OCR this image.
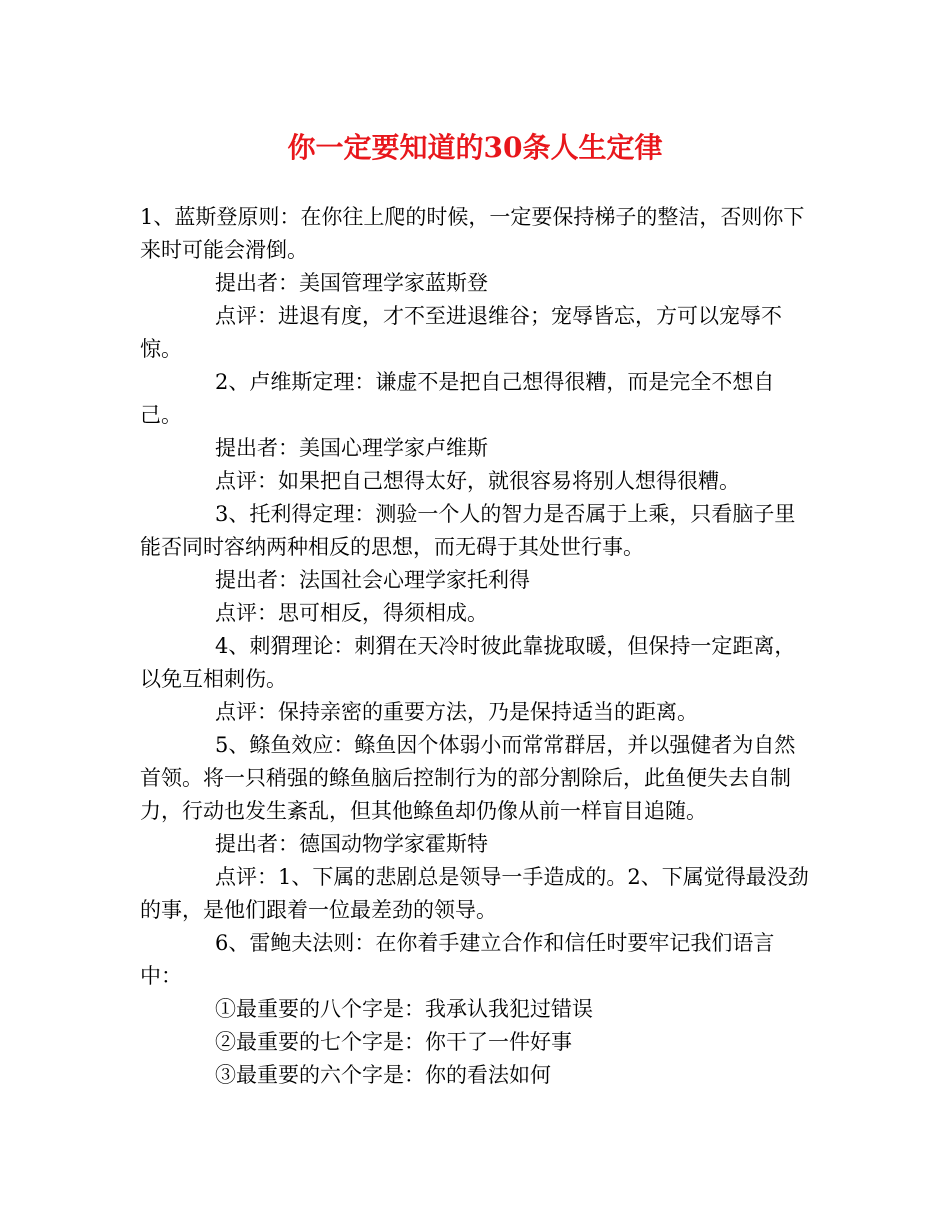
你一定要知道的30条人生定律

1、蓝斯登原则：在你往上爬的时候，一定要保持梯子的整洁，否则你下来时可能会滑倒。

提出者：美国管理学家蓝斯登

点评：进退有度，才不至进退维谷；宠辱皆忘，方可以宠辱不惊。

2、卢维斯定理：谦虚不是把自己想得很糟，而是完全不想自己。

提出者：美国心理学家卢维斯

点评：如果把自己想得太好，就很容易将别人想得很糟。

3、托利得定理：测验一个人的智力是否属于上乘，只看脑子里能否同时容纳两种相反的思想，而无碍于其处世行事。

提出者：法国社会心理学家托利得

点评：思可相反，得须相成。

4、刺猬理论：刺猬在天冷时彼此靠拢取暖，但保持一定距离，以免互相刺伤。

点评：保持亲密的重要方法，乃是保持适当的距离。

5、鲦鱼效应：鲦鱼因个体弱小而常常群居，并以强健者为自然首领。将一只稍强的鲦鱼脑后控制行为的部分割除后，此鱼便失去自制力，行动也发生紊乱，但其他鲦鱼却仍像从前一样盲目追随。

提出者：德国动物学家霍斯特

点评：1、下属的悲剧总是领导一手造成的。2、下属觉得最没劲的事，是他们跟着一位最差劲的领导。

6、雷鲍夫法则：在你着手建立合作和信任时要牢记我们语言中：

①最重要的八个字是：我承认我犯过错误

②最重要的七个字是：你干了一件好事

③最重要的六个字是：你的看法如何
